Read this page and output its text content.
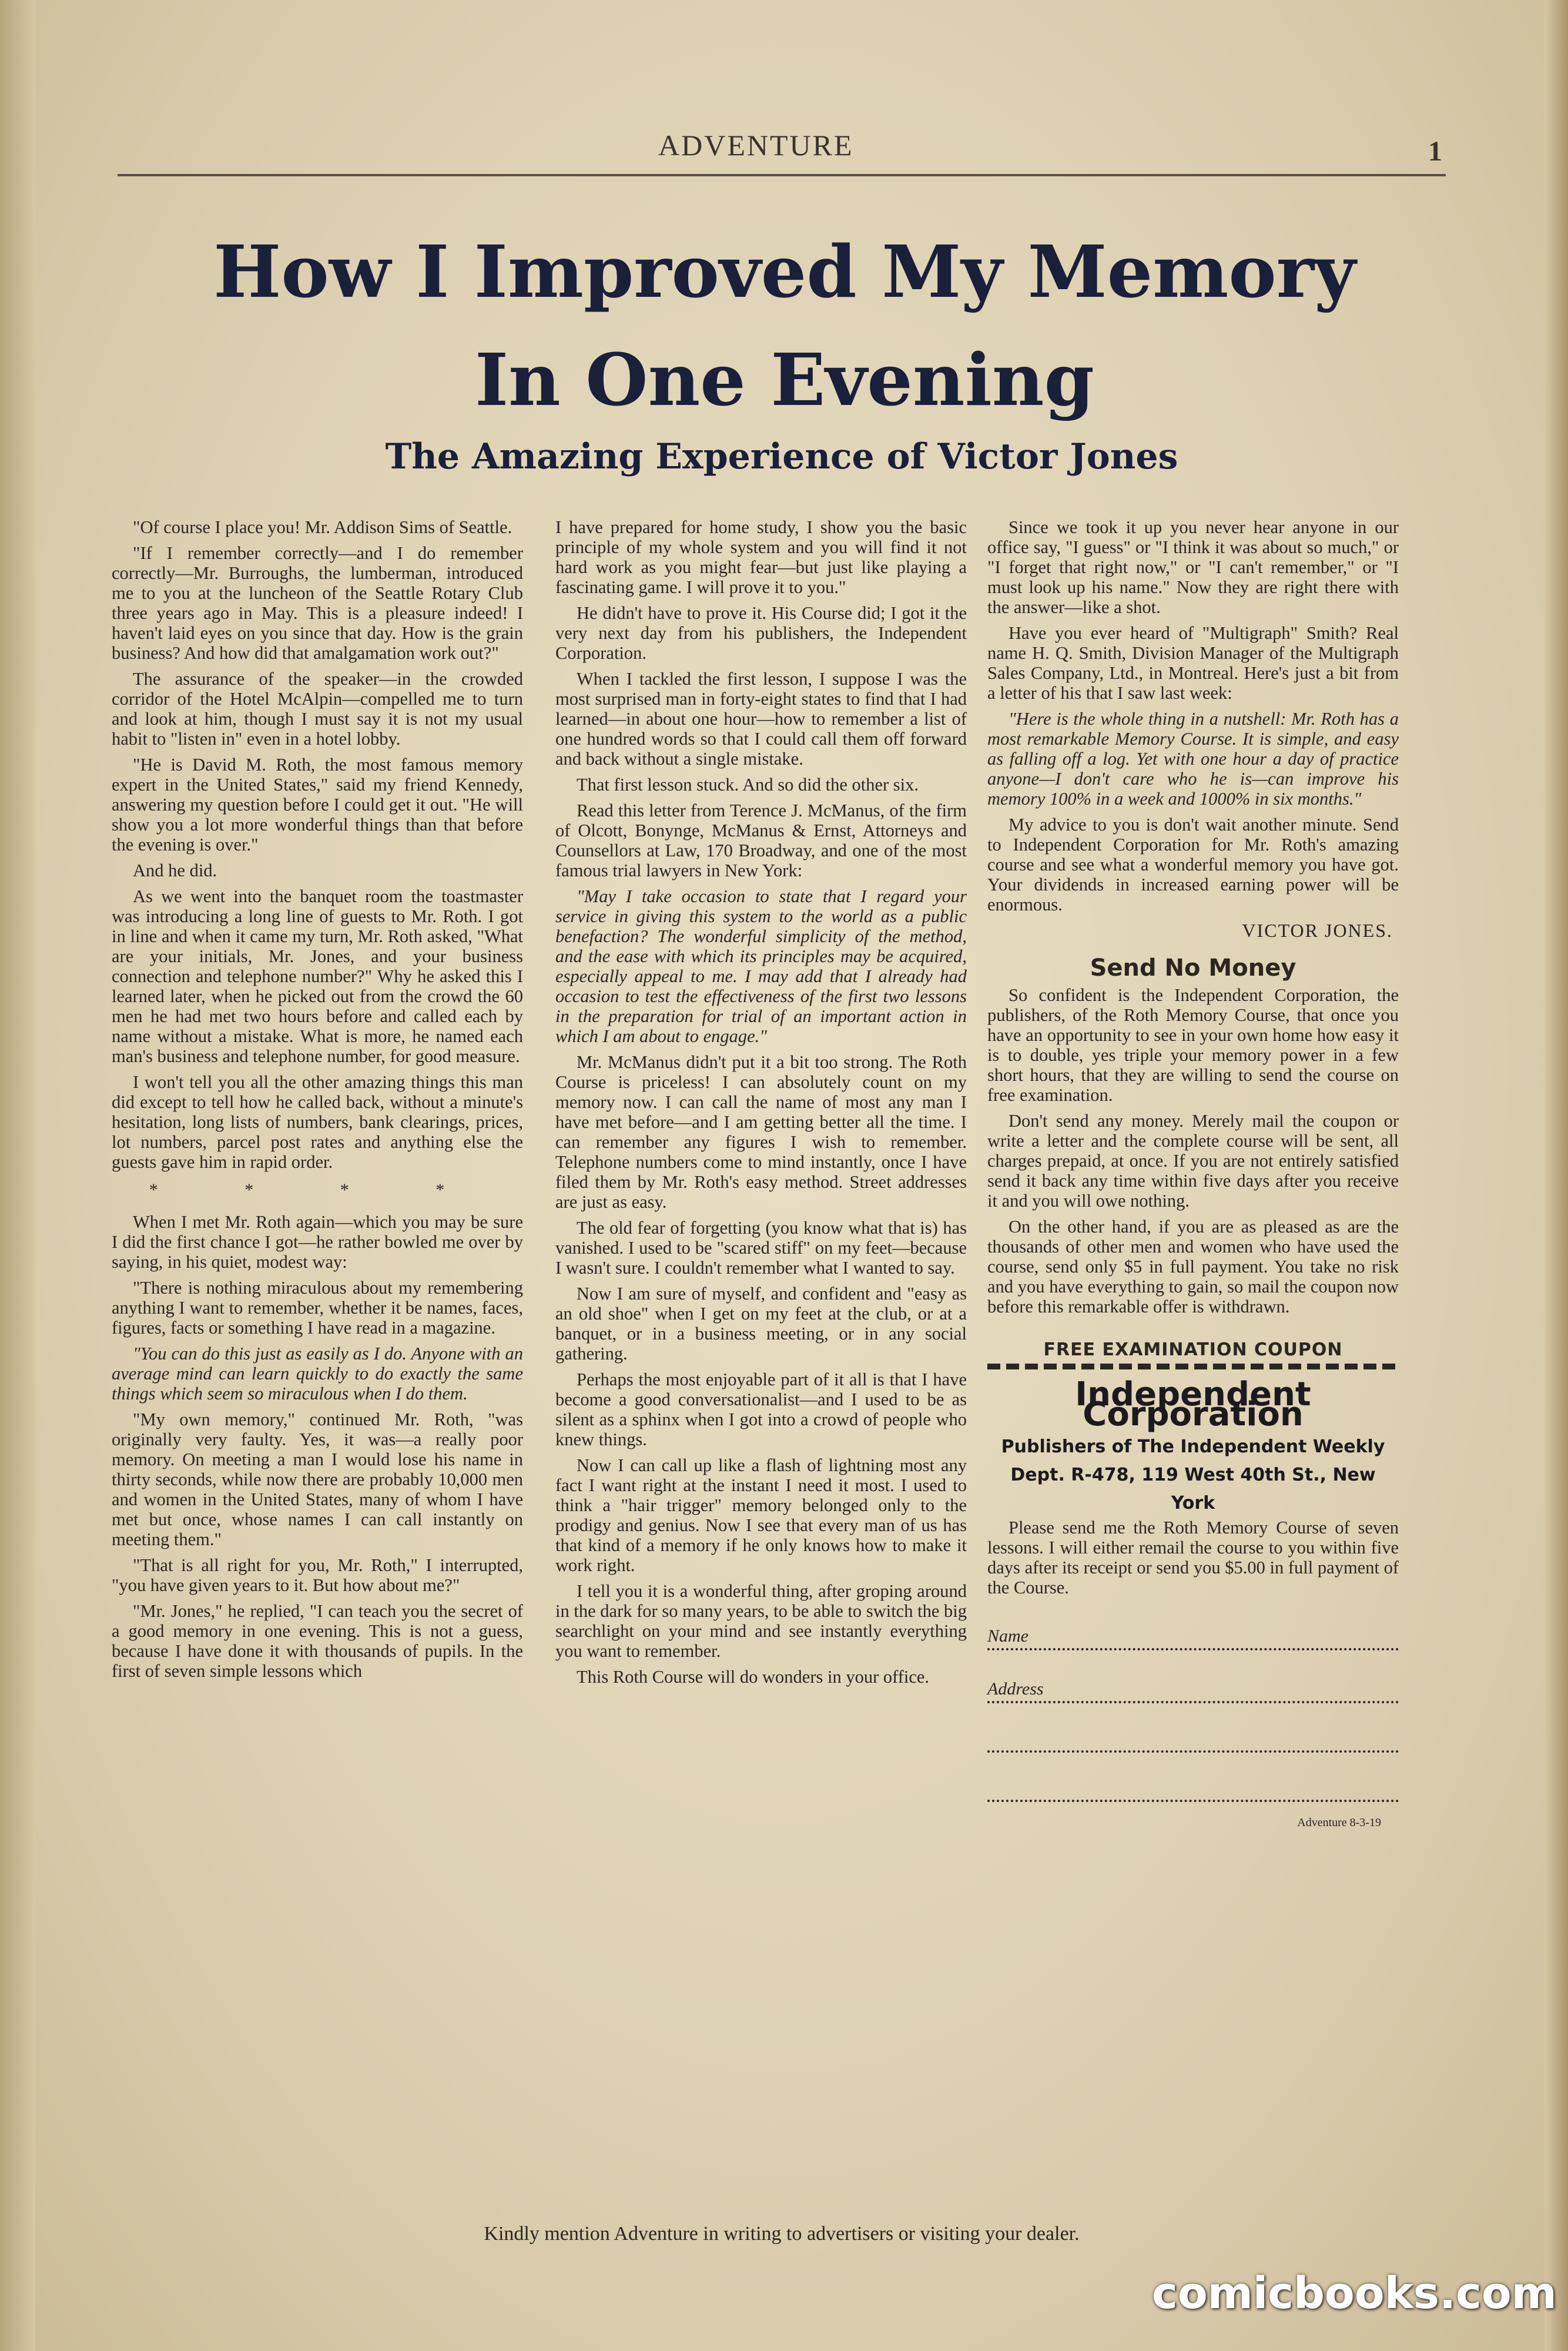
ADVENTURE	1
How I Improved My Memory
In One Evening
The Amazing Experience of Victor Jones

"Of course I place you! Mr. Addison Sims of Seattle.

"If I remember correctly—and I do remember correctly—Mr. Burroughs, the lumberman, introduced me to you at the luncheon of the Seattle Rotary Club three years ago in May. This is a pleasure indeed! I haven't laid eyes on you since that day. How is the grain business? And how did that amalgamation work out?"

The assurance of the speaker—in the crowded corridor of the Hotel McAlpin—compelled me to turn and look at him, though I must say it is not my usual habit to "listen in" even in a hotel lobby.

"He is David M. Roth, the most famous memory expert in the United States," said my friend Kennedy, answering my question before I could get it out. "He will show you a lot more wonderful things than that before the evening is over."

And he did.

As we went into the banquet room the toastmaster was introducing a long line of guests to Mr. Roth. I got in line and when it came my turn, Mr. Roth asked, "What are your initials, Mr. Jones, and your business connection and telephone number?" Why he asked this I learned later, when he picked out from the crowd the 60 men he had met two hours before and called each by name without a mistake. What is more, he named each man's business and telephone number, for good measure.

I won't tell you all the other amazing things this man did except to tell how he called back, without a minute's hesitation, long lists of numbers, bank clearings, prices, lot numbers, parcel post rates and anything else the guests gave him in rapid order.

* * * *

When I met Mr. Roth again—which you may be sure I did the first chance I got—he rather bowled me over by saying, in his quiet, modest way:

"There is nothing miraculous about my remembering anything I want to remember, whether it be names, faces, figures, facts or something I have read in a magazine.

"You can do this just as easily as I do. Anyone with an average mind can learn quickly to do exactly the same things which seem so miraculous when I do them.

"My own memory," continued Mr. Roth, "was originally very faulty. Yes, it was—a really poor memory. On meeting a man I would lose his name in thirty seconds, while now there are probably 10,000 men and women in the United States, many of whom I have met but once, whose names I can call instantly on meeting them."

"That is all right for you, Mr. Roth," I interrupted, "you have given years to it. But how about me?"

"Mr. Jones," he replied, "I can teach you the secret of a good memory in one evening. This is not a guess, because I have done it with thousands of pupils. In the first of seven simple lessons which

I have prepared for home study, I show you the basic principle of my whole system and you will find it not hard work as you might fear—but just like playing a fascinating game. I will prove it to you."

He didn't have to prove it. His Course did; I got it the very next day from his publishers, the Independent Corporation.

When I tackled the first lesson, I suppose I was the most surprised man in forty-eight states to find that I had learned—in about one hour—how to remember a list of one hundred words so that I could call them off forward and back without a single mistake.

That first lesson stuck. And so did the other six.

Read this letter from Terence J. McManus, of the firm of Olcott, Bonynge, McManus & Ernst, Attorneys and Counsellors at Law, 170 Broadway, and one of the most famous trial lawyers in New York:

"May I take occasion to state that I regard your service in giving this system to the world as a public benefaction? The wonderful simplicity of the method, and the ease with which its principles may be acquired, especially appeal to me. I may add that I already had occasion to test the effectiveness of the first two lessons in the preparation for trial of an important action in which I am about to engage."

Mr. McManus didn't put it a bit too strong. The Roth Course is priceless! I can absolutely count on my memory now. I can call the name of most any man I have met before—and I am getting better all the time. I can remember any figures I wish to remember. Telephone numbers come to mind instantly, once I have filed them by Mr. Roth's easy method. Street addresses are just as easy.

The old fear of forgetting (you know what that is) has vanished. I used to be "scared stiff" on my feet—because I wasn't sure. I couldn't remember what I wanted to say.

Now I am sure of myself, and confident and "easy as an old shoe" when I get on my feet at the club, or at a banquet, or in a business meeting, or in any social gathering.

Perhaps the most enjoyable part of it all is that I have become a good conversationalist—and I used to be as silent as a sphinx when I got into a crowd of people who knew things.

Now I can call up like a flash of lightning most any fact I want right at the instant I need it most. I used to think a "hair trigger" memory belonged only to the prodigy and genius. Now I see that every man of us has that kind of a memory if he only knows how to make it work right.

I tell you it is a wonderful thing, after groping around in the dark for so many years, to be able to switch the big searchlight on your mind and see instantly everything you want to remember.

This Roth Course will do wonders in your office.

Since we took it up you never hear anyone in our office say, "I guess" or "I think it was about so much," or "I forget that right now," or "I can't remember," or "I must look up his name." Now they are right there with the answer—like a shot.

Have you ever heard of "Multigraph" Smith? Real name H. Q. Smith, Division Manager of the Multigraph Sales Company, Ltd., in Montreal. Here's just a bit from a letter of his that I saw last week:

"Here is the whole thing in a nutshell: Mr. Roth has a most remarkable Memory Course. It is simple, and easy as falling off a log. Yet with one hour a day of practice anyone—I don't care who he is—can improve his memory 100% in a week and 1000% in six months."

My advice to you is don't wait another minute. Send to Independent Corporation for Mr. Roth's amazing course and see what a wonderful memory you have got. Your dividends in increased earning power will be enormous.

VICTOR JONES.
Send No Money

So confident is the Independent Corporation, the publishers, of the Roth Memory Course, that once you have an opportunity to see in your own home how easy it is to double, yes triple your memory power in a few short hours, that they are willing to send the course on free examination.

Don't send any money. Merely mail the coupon or write a letter and the complete course will be sent, all charges prepaid, at once. If you are not entirely satisfied send it back any time within five days after you receive it and you will owe nothing.

On the other hand, if you are as pleased as are the thousands of other men and women who have used the course, send only $5 in full payment. You take no risk and you have everything to gain, so mail the coupon now before this remarkable offer is withdrawn.

FREE EXAMINATION COUPON
Independent Corporation
Publishers of The Independent Weekly
Dept. R-478, 119 West 40th St., New York

Please send me the Roth Memory Course of seven lessons. I will either remail the course to you within five days after its receipt or send you $5.00 in full payment of the Course.

Name
Address
Adventure 8-3-19
Kindly mention Adventure in writing to advertisers or visiting your dealer.
comicbooks.com
